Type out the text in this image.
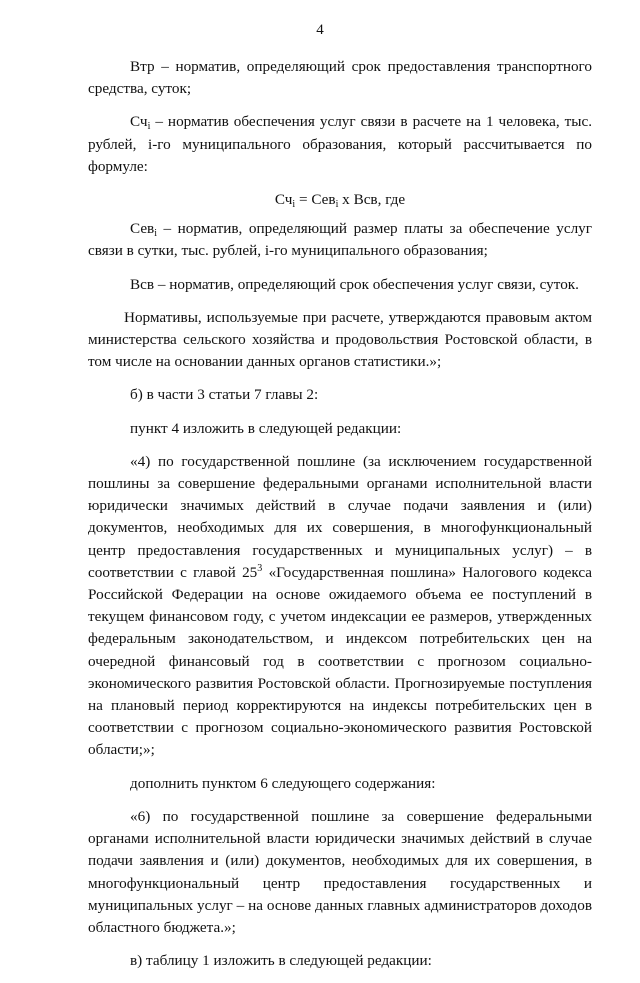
4

Втр – норматив, определяющий срок предоставления транспортного средства, суток;

$Сч_i$ – норматив обеспечения услуг связи в расчете на 1 человека, тыс. рублей, i-го муниципального образования, который рассчитывается по формуле:

$Сч_i = Сев_i$ x Всв, где

Сев$_i$ – норматив, определяющий размер платы за обеспечение услуг связи в сутки, тыс. рублей, i-го муниципального образования;

Всв – норматив, определяющий срок обеспечения услуг связи, суток.

Нормативы, используемые при расчете, утверждаются правовым актом министерства сельского хозяйства и продовольствия Ростовской области, в том числе на основании данных органов статистики.»;

б) в части 3 статьи 7 главы 2:

пункт 4 изложить в следующей редакции:

«4) по государственной пошлине (за исключением государственной пошлины за совершение федеральными органами исполнительной власти юридически значимых действий в случае подачи заявления и (или) документов, необходимых для их совершения, в многофункциональный центр предоставления государственных и муниципальных услуг) – в соответствии с главой $25^3$ «Государственная пошлина» Налогового кодекса Российской Федерации на основе ожидаемого объема ее поступлений в текущем финансовом году, с учетом индексации ее размеров, утвержденных федеральным законодательством, и индексом потребительских цен на очередной финансовый год в соответствии с прогнозом социально-экономического развития Ростовской области. Прогнозируемые поступления на плановый период корректируются на индексы потребительских цен в соответствии с прогнозом социально-экономического развития Ростовской области;»;

дополнить пунктом 6 следующего содержания:

«6) по государственной пошлине за совершение федеральными органами исполнительной власти юридически значимых действий в случае подачи заявления и (или) документов, необходимых для их совершения, в многофункциональный центр предоставления государственных и муниципальных услуг – на основе данных главных администраторов доходов областного бюджета.»;

в) таблицу 1 изложить в следующей редакции:
